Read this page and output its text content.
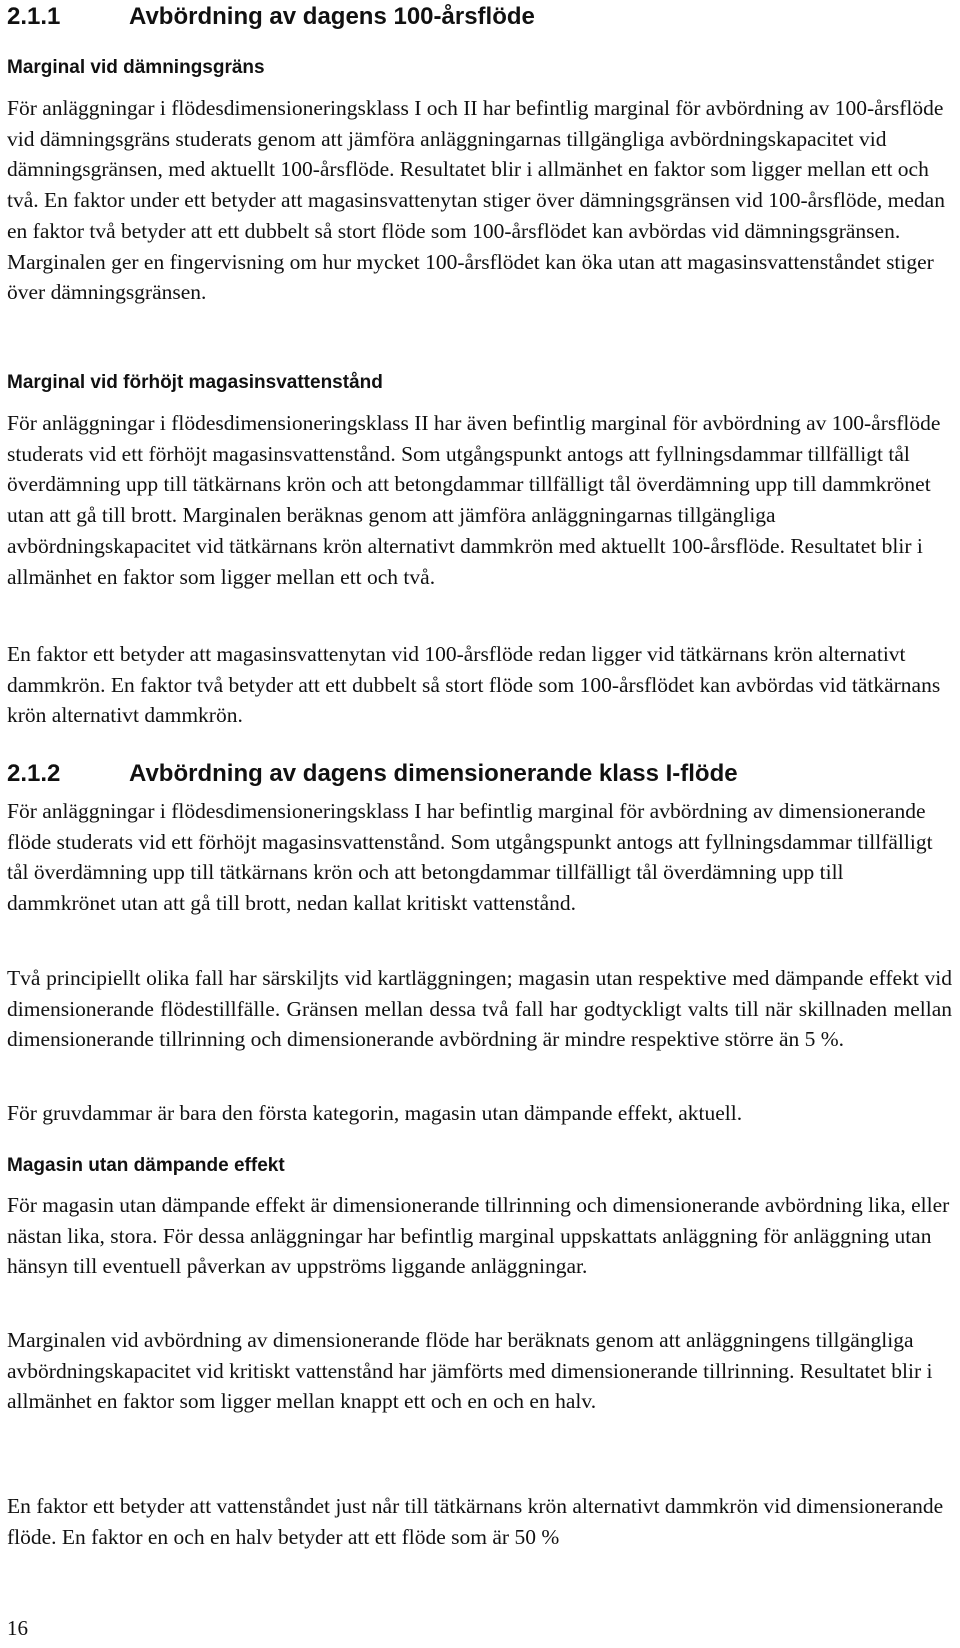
2.1.1	Avbördning av dagens 100-årsflöde
Marginal vid dämningsgräns

För anläggningar i flödesdimensioneringsklass I och II har befintlig marginal för avbördning av 100-årsflöde vid dämningsgräns studerats genom att jämföra anläggningarnas tillgängliga avbördningskapacitet vid dämningsgränsen, med aktuellt 100-årsflöde. Resultatet blir i allmänhet en faktor som ligger mellan ett och två. En faktor under ett betyder att magasinsvattenytan stiger över dämningsgränsen vid 100-årsflöde, medan en faktor två betyder att ett dubbelt så stort flöde som 100-årsflödet kan avbördas vid dämningsgränsen. Marginalen ger en fingervisning om hur mycket 100-årsflödet kan öka utan att magasinsvattenståndet stiger över dämningsgränsen.

Marginal vid förhöjt magasinsvattenstånd

För anläggningar i flödesdimensioneringsklass II har även befintlig marginal för avbördning av 100-årsflöde studerats vid ett förhöjt magasinsvattenstånd. Som utgångspunkt antogs att fyllningsdammar tillfälligt tål överdämning upp till tätkärnans krön och att betongdammar tillfälligt tål överdämning upp till dammkrönet utan att gå till brott. Marginalen beräknas genom att jämföra anläggningarnas tillgängliga avbördningskapacitet vid tätkärnans krön alternativt dammkrön med aktuellt 100-årsflöde. Resultatet blir i allmänhet en faktor som ligger mellan ett och två.

En faktor ett betyder att magasinsvattenytan vid 100-årsflöde redan ligger vid tätkärnans krön alternativt dammkrön. En faktor två betyder att ett dubbelt så stort flöde som 100-årsflödet kan avbördas vid tätkärnans krön alternativt dammkrön.

2.1.2	Avbördning av dagens dimensionerande klass I-flöde

För anläggningar i flödesdimensioneringsklass I har befintlig marginal för avbördning av dimensionerande flöde studerats vid ett förhöjt magasinsvattenstånd. Som utgångspunkt antogs att fyllningsdammar tillfälligt tål överdämning upp till tätkärnans krön och att betongdammar tillfälligt tål överdämning upp till dammkrönet utan att gå till brott, nedan kallat kritiskt vattenstånd.

Två principiellt olika fall har särskiljts vid kartläggningen; magasin utan respektive med dämpande effekt vid dimensionerande flödestillfälle. Gränsen mellan dessa två fall har godtyckligt valts till när skillnaden mellan dimensionerande tillrinning och dimensionerande avbördning är mindre respektive större än 5 %.

För gruvdammar är bara den första kategorin, magasin utan dämpande effekt, aktuell.

Magasin utan dämpande effekt

För magasin utan dämpande effekt är dimensionerande tillrinning och dimensionerande avbördning lika, eller nästan lika, stora. För dessa anläggningar har befintlig marginal uppskattats anläggning för anläggning utan hänsyn till eventuell påverkan av uppströms liggande anläggningar.

Marginalen vid avbördning av dimensionerande flöde har beräknats genom att anläggningens tillgängliga avbördningskapacitet vid kritiskt vattenstånd har jämförts med dimensionerande tillrinning. Resultatet blir i allmänhet en faktor som ligger mellan knappt ett och en och en halv.

En faktor ett betyder att vattenståndet just når till tätkärnans krön alternativt dammkrön vid dimensionerande flöde. En faktor en och en halv betyder att ett flöde som är 50 %

16
